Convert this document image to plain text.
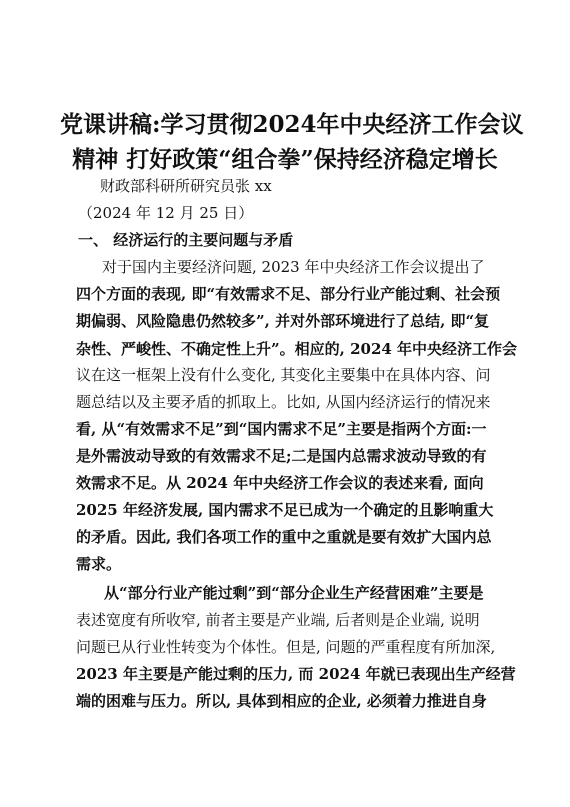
党课讲稿:学习贯彻2024年中央经济工作会议
精神 打好政策“组合拳”保持经济稳定增长
财政部科研所研究员张 xx
（2024 年 12 月 25 日）
一、 经济运行的主要问题与矛盾
对于国内主要经济问题, 2023 年中央经济工作会议提出了
四个方面的表现, 即“有效需求不足、部分行业产能过剩、社会预
期偏弱、风险隐患仍然较多”, 并对外部环境进行了总结, 即“复
杂性、严峻性、不确定性上升”。相应的, 2024 年中央经济工作会
议在这一框架上没有什么变化, 其变化主要集中在具体内容、问
题总结以及主要矛盾的抓取上。比如, 从国内经济运行的情况来
看, 从“有效需求不足”到“国内需求不足”主要是指两个方面:一
是外需波动导致的有效需求不足;二是国内总需求波动导致的有
效需求不足。从 2024 年中央经济工作会议的表述来看, 面向
2025 年经济发展, 国内需求不足已成为一个确定的且影响重大
的矛盾。因此, 我们各项工作的重中之重就是要有效扩大国内总
需求。
从“部分行业产能过剩”到“部分企业生产经营困难”主要是
表述宽度有所收窄, 前者主要是产业端, 后者则是企业端, 说明
问题已从行业性转变为个体性。但是, 问题的严重程度有所加深,
2023 年主要是产能过剩的压力, 而 2024 年就已表现出生产经营
端的困难与压力。所以, 具体到相应的企业, 必须着力推进自身
